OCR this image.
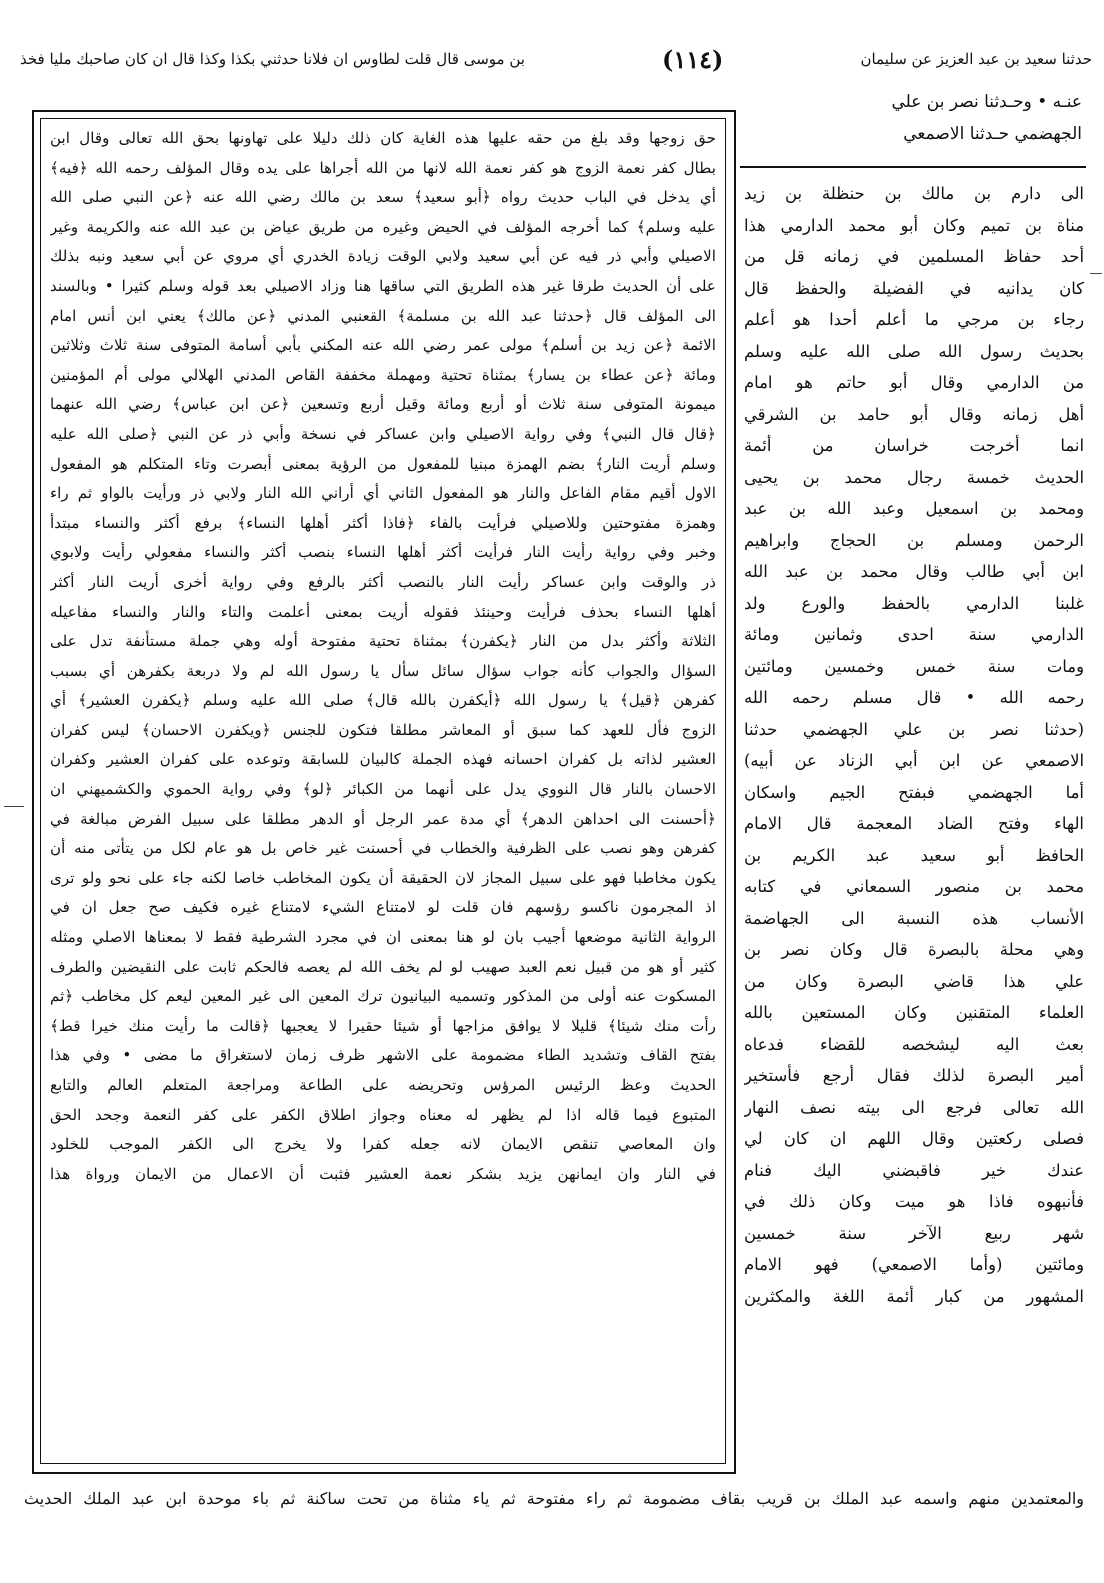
حدثنا سعيد بن عبد العزيز عن سليمان
(١١٤)
بن موسى قال قلت لطاوس ان فلانا حدثني بكذا وكذا قال ان كان صاحبك مليا فخذ
عنـه • وحـدثنا نصر بن علي
الجهضمي حـدثنا الاصمعي
حق زوجها وقد بلغ من حقه عليها هذه الغاية كان ذلك دليلا على تهاونها بحق الله تعالى وقال ابن
بطال كفر نعمة الزوج هو كفر نعمة الله لانها من الله أجراها على يده وقال المؤلف رحمه الله ﴿فيه﴾
أي يدخل في الباب حديث رواه ﴿أبو سعيد﴾ سعد بن مالك رضي الله عنه ﴿عن النبي صلى الله
عليه وسلم﴾ كما أخرجه المؤلف في الحيض وغيره من طريق عياض بن عبد الله عنه والكريمة وغير
الاصيلي وأبي ذر فيه عن أبي سعيد ولابي الوقت زيادة الخدري أي مروي عن أبي سعيد ونبه بذلك
على أن الحديث طرقا غير هذه الطريق التي ساقها هنا وزاد الاصيلي بعد قوله وسلم كثيرا • وبالسند
الى المؤلف قال ﴿حدثنا عبد الله بن مسلمة﴾ القعنبي المدني ﴿عن مالك﴾ يعني ابن أنس امام
الائمة ﴿عن زيد بن أسلم﴾ مولى عمر رضي الله عنه المكني بأبي أسامة المتوفى سنة ثلاث وثلاثين
ومائة ﴿عن عطاء بن يسار﴾ بمثناة تحتية ومهملة مخففة القاص المدني الهلالي مولى أم المؤمنين
ميمونة المتوفى سنة ثلاث أو أربع ومائة وقيل أربع وتسعين ﴿عن ابن عباس﴾ رضي الله عنهما
﴿قال قال النبي﴾ وفي رواية الاصيلي وابن عساكر في نسخة وأبي ذر عن النبي ﴿صلى الله عليه
وسلم أريت النار﴾ بضم الهمزة مبنيا للمفعول من الرؤية بمعنى أبصرت وتاء المتكلم هو المفعول
الاول أقيم مقام الفاعل والنار هو المفعول الثاني أي أراني الله النار ولابي ذر ورأيت بالواو ثم راء
وهمزة مفتوحتين وللاصيلي فرأيت بالفاء ﴿فاذا أكثر أهلها النساء﴾ برفع أكثر والنساء مبتدأ
وخبر وفي رواية رأيت النار فرأيت أكثر أهلها النساء بنصب أكثر والنساء مفعولي رأيت ولابوي
ذر والوقت وابن عساكر رأيت النار بالنصب أكثر بالرفع وفي رواية أخرى أريت النار أكثر
أهلها النساء بحذف فرأيت وحينئذ فقوله أريت بمعنى أعلمت والتاء والنار والنساء مفاعيله
الثلاثة وأكثر بدل من النار ﴿يكفرن﴾ بمثناة تحتية مفتوحة أوله وهي جملة مستأنفة تدل على
السؤال والجواب كأنه جواب سؤال سائل سأل يا رسول الله لم ولا دربعة بكفرهن أي بسبب
كفرهن ﴿قيل﴾ يا رسول الله ﴿أيكفرن بالله قال﴾ صلى الله عليه وسلم ﴿يكفرن العشير﴾ أي
الزوج فأل للعهد كما سبق أو المعاشر مطلقا فتكون للجنس ﴿ويكفرن الاحسان﴾ ليس كفران
العشير لذاته بل كفران احسانه فهذه الجملة كالبيان للسابقة وتوعده على كفران العشير وكفران
الاحسان بالنار قال النووي يدل على أنهما من الكبائر ﴿لو﴾ وفي رواية الحموي والكشميهني ان
﴿أحسنت الى احداهن الدهر﴾ أي مدة عمر الرجل أو الدهر مطلقا على سبيل الفرض مبالغة في
كفرهن وهو نصب على الظرفية والخطاب في أحسنت غير خاص بل هو عام لكل من يتأتى منه أن
يكون مخاطبا فهو على سبيل المجاز لان الحقيقة أن يكون المخاطب خاصا لكنه جاء على نحو ولو ترى
اذ المجرمون ناكسو رؤسهم فان قلت لو لامتناع الشيء لامتناع غيره فكيف صح جعل ان في
الرواية الثانية موضعها أجيب بان لو هنا بمعنى ان في مجرد الشرطية فقط لا بمعناها الاصلي ومثله
كثير أو هو من قبيل نعم العبد صهيب لو لم يخف الله لم يعصه فالحكم ثابت على النقيضين والطرف
المسكوت عنه أولى من المذكور وتسميه البيانيون ترك المعين الى غير المعين ليعم كل مخاطب ﴿ثم
رأت منك شيئا﴾ قليلا لا يوافق مزاجها أو شيئا حقيرا لا يعجبها ﴿قالت ما رأيت منك خيرا قط﴾
بفتح القاف وتشديد الطاء مضمومة على الاشهر ظرف زمان لاستغراق ما مضى • وفي هذا
الحديث وعظ الرئيس المرؤس وتحريضه على الطاعة ومراجعة المتعلم العالم والتابع
المتبوع فيما قاله اذا لم يظهر له معناه وجواز اطلاق الكفر على كفر النعمة وجحد الحق
وان المعاصي تنقص الايمان لانه جعله كفرا ولا يخرج الى الكفر الموجب للخلود
في النار وان ايمانهن يزيد بشكر نعمة العشير فثبت أن الاعمال من الايمان ورواة هذا
الى دارم بن مالك بن حنظلة بن زيد
مناة بن تميم وكان أبو محمد الدارمي هذا
أحد حفاظ المسلمين في زمانه قل من
كان يدانيه في الفضيلة والحفظ قال
رجاء بن مرجي ما أعلم أحدا هو أعلم
بحديث رسول الله صلى الله عليه وسلم
من الدارمي وقال أبو حاتم هو امام
أهل زمانه وقال أبو حامد بن الشرقي
انما أخرجت خراسان من أئمة
الحديث خمسة رجال محمد بن يحيى
ومحمد بن اسمعيل وعبد الله بن عبد
الرحمن ومسلم بن الحجاج وابراهيم
ابن أبي طالب وقال محمد بن عبد الله
غلبنا الدارمي بالحفظ والورع ولد
الدارمي سنة احدى وثمانين ومائة
ومات سنة خمس وخمسين ومائتين
رحمه الله • قال مسلم رحمه الله
(حدثنا نصر بن علي الجهضمي حدثنا
الاصمعي عن ابن أبي الزناد عن أبيه)
أما الجهضمي فبفتح الجيم واسكان
الهاء وفتح الضاد المعجمة قال الامام
الحافظ أبو سعيد عبد الكريم بن
محمد بن منصور السمعاني في كتابه
الأنساب هذه النسبة الى الجهاضمة
وهي محلة بالبصرة قال وكان نصر بن
علي هذا قاضي البصرة وكان من
العلماء المتقنين وكان المستعين بالله
بعث اليه ليشخصه للقضاء فدعاه
أمير البصرة لذلك فقال أرجع فأستخير
الله تعالى فرجع الى بيته نصف النهار
فصلى ركعتين وقال اللهم ان كان لي
عندك خير فاقبضني اليك فنام
فأنبهوه فاذا هو ميت وكان ذلك في
شهر ربيع الآخر سنة خمسين
ومائتين (وأما الاصمعي) فهو الامام
المشهور من كبار أئمة اللغة والمكثرين
والمعتمدين منهم واسمه عبد الملك بن قريب بقاف مضمومة ثم راء مفتوحة ثم ياء مثناة من تحت ساكنة ثم باء موحدة ابن عبد الملك الحديث
